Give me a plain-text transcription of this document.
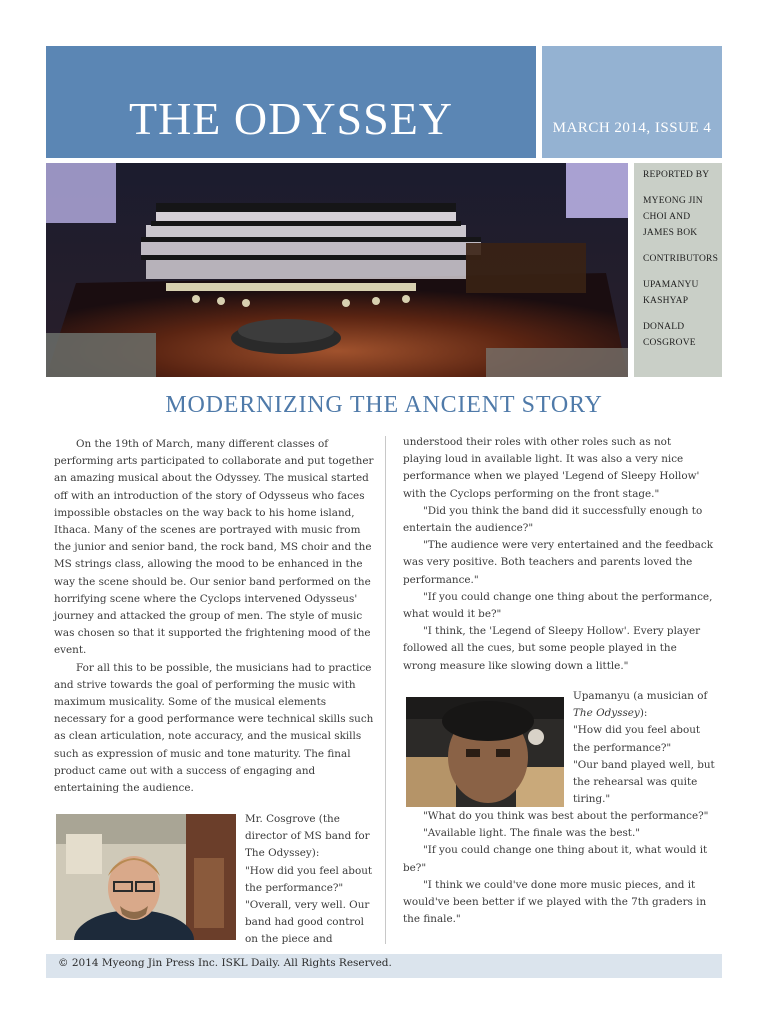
THE ODYSSEY	MARCH 2014, ISSUE 4
REPORTED BY
MYEONG JIN CHOI AND JAMES BOK
CONTRIBUTORS
UPAMANYU KASHYAP
DONALD COSGROVE
MODERNIZING THE ANCIENT STORY

On the 19th of March, many different classes of performing arts participated to collaborate and put together an amazing musical about the Odyssey. The musical started off with an introduction of the story of Odysseus who faces impossible obstacles on the way back to his home island, Ithaca. Many of the scenes are portrayed with music from the junior and senior band, the rock band, MS choir and the MS strings class, allowing the mood to be enhanced in the way the scene should be. Our senior band performed on the horrifying scene where the Cyclops intervened Odysseus' journey and attacked the group of men. The style of music was chosen so that it supported the frightening mood of the event.

For all this to be possible, the musicians had to practice and strive towards the goal of performing the music with maximum musicality. Some of the musical elements necessary for a good performance were technical skills such as clean articulation, note accuracy, and the musical skills such as expression of music and tone maturity. The final product came out with a success of engaging and entertaining the audience.

Mr. Cosgrove (the director of MS band for The Odyssey):

"How did you feel about the performance?"

"Overall, very well. Our band had good control on the piece and

understood their roles with other roles such as not playing loud in available light. It was also a very nice performance when we played 'Legend of Sleepy Hollow' with the Cyclops performing on the front stage."

"Did you think the band did it successfully enough to entertain the audience?"

"The audience were very entertained and the feedback was very positive. Both teachers and parents loved the performance."

"If you could change one thing about the performance, what would it be?"

"I think, the 'Legend of Sleepy Hollow'. Every player followed all the cues, but some people played in the wrong measure like slowing down a little."

Upamanyu (a musician of The Odyssey):

"How did you feel about the performance?"

"Our band played well, but the rehearsal was quite tiring."

"What do you think was best about the performance?"

"Available light. The finale was the best."

"If you could change one thing about it, what would it be?"

"I think we could've done more music pieces, and it would've been better if we played with the 7th graders in the finale."

© 2014 Myeong Jin Press Inc. ISKL Daily. All Rights Reserved.
